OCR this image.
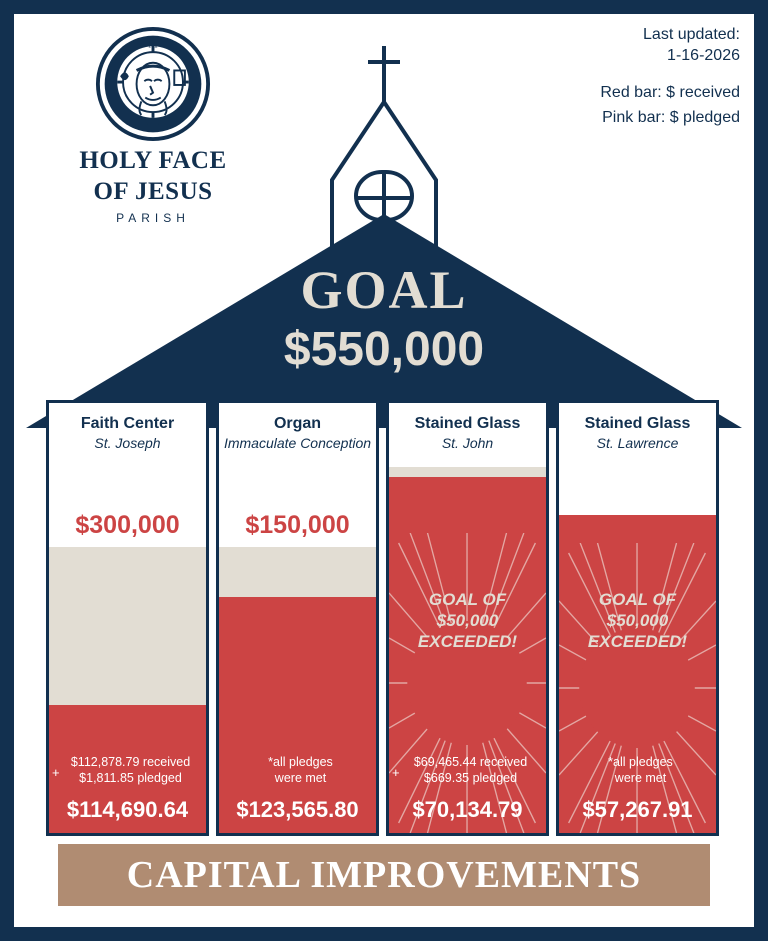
M
HOLY FACE
OF JESUS
PARISH
Last updated:
1-16-2026
Red bar: $ received
Pink bar: $ pledged
GOAL
$550,000
Faith Center
St. Joseph
$300,000
+
$112,878.79 received
$1,811.85 pledged
$114,690.64
Organ
Immaculate Conception
$150,000
*all pledges
were met
$123,565.80
Stained Glass
St. John
GOAL OF
$50,000
EXCEEDED!
+
$69,465.44 received
$669.35 pledged
$70,134.79
Stained Glass
St. Lawrence
GOAL OF
$50,000
EXCEEDED!
*all pledges
were met
$57,267.91
CAPITAL IMPROVEMENTS
